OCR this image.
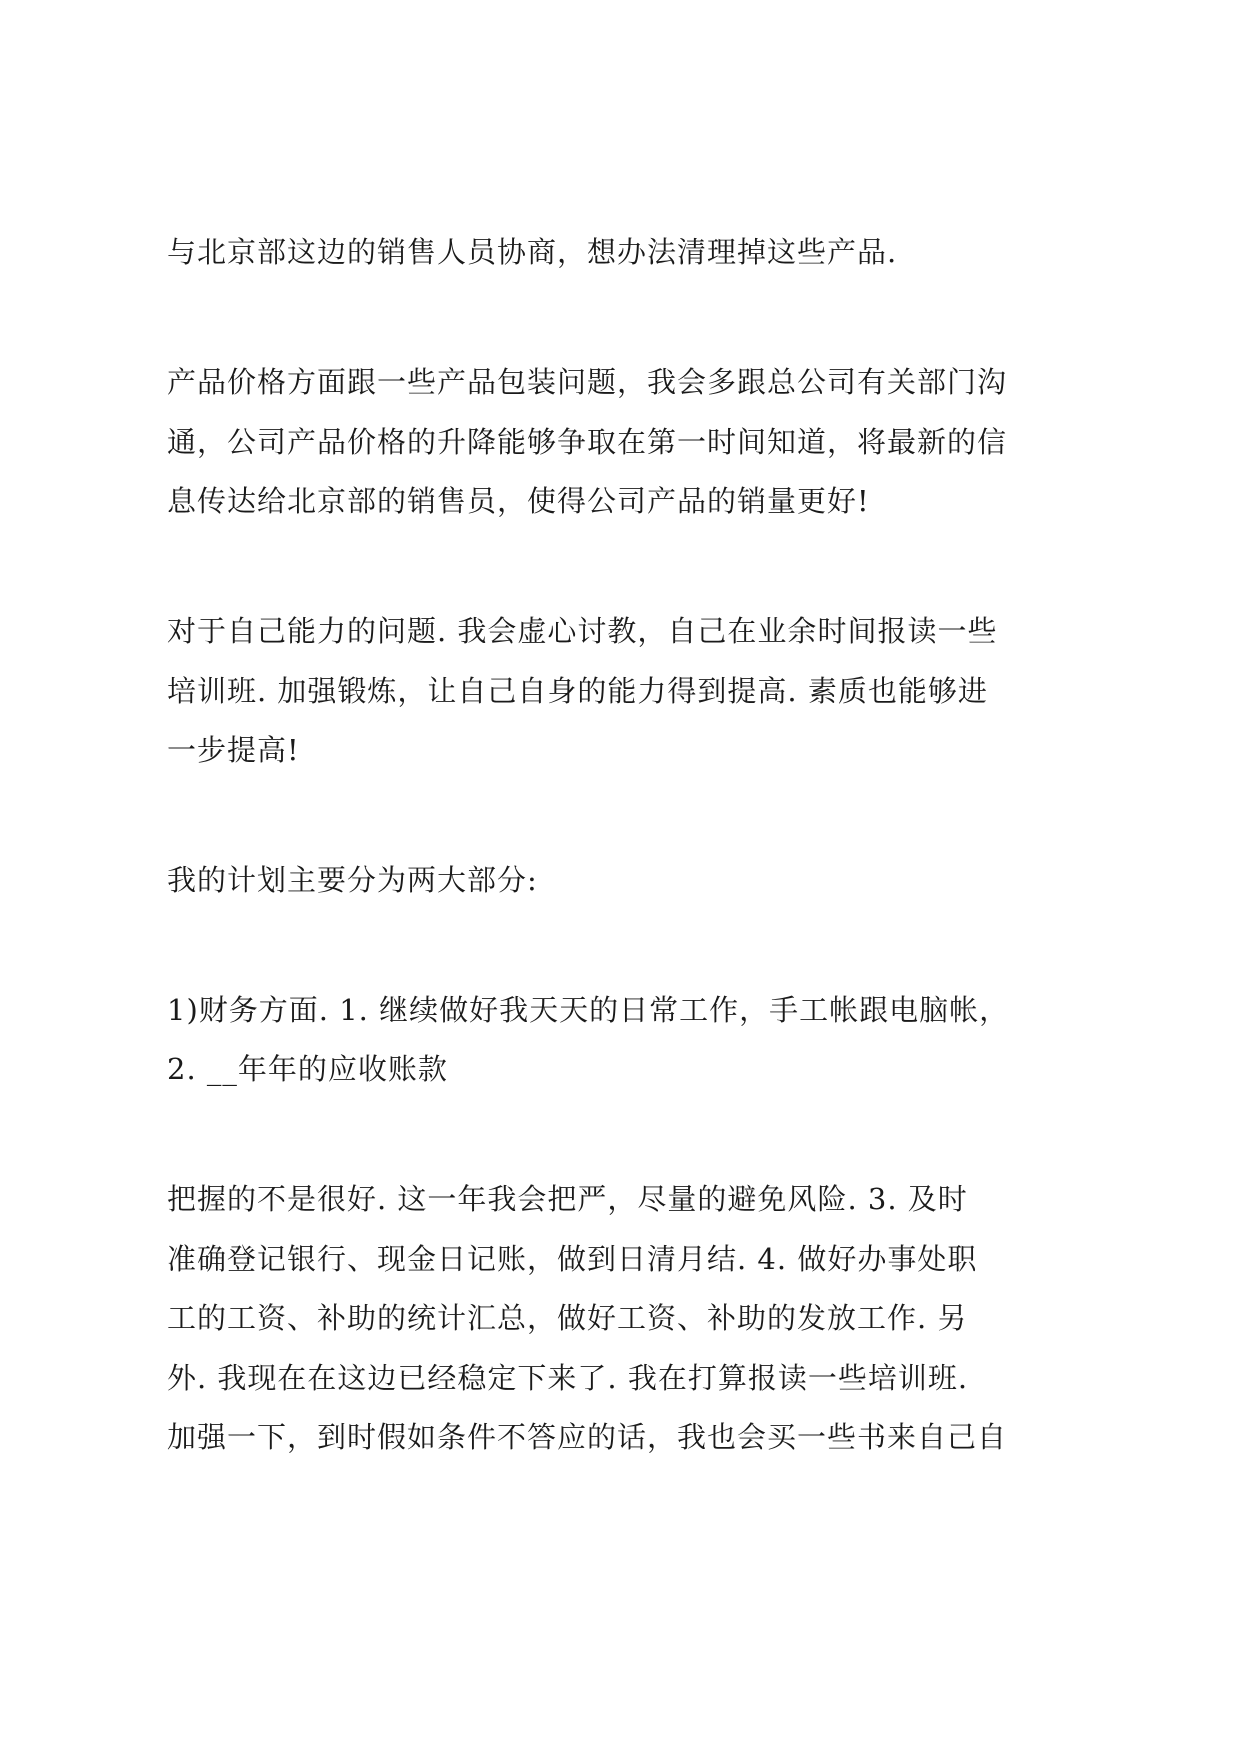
与北京部这边的销售人员协商，想办法清理掉这些产品.

产品价格方面跟一些产品包装问题，我会多跟总公司有关部门沟

通，公司产品价格的升降能够争取在第一时间知道，将最新的信

息传达给北京部的销售员，使得公司产品的销量更好!

对于自己能力的问题. 我会虚心讨教，自己在业余时间报读一些

培训班. 加强锻炼，让自己自身的能力得到提高. 素质也能够进

一步提高!

我的计划主要分为两大部分:

1)财务方面. 1. 继续做好我天天的日常工作，手工帐跟电脑帐，

2. __年年的应收账款

把握的不是很好. 这一年我会把严，尽量的避免风险. 3. 及时

准确登记银行、现金日记账，做到日清月结. 4. 做好办事处职

工的工资、补助的统计汇总，做好工资、补助的发放工作. 另

外. 我现在在这边已经稳定下来了. 我在打算报读一些培训班.

加强一下，到时假如条件不答应的话，我也会买一些书来自己自
